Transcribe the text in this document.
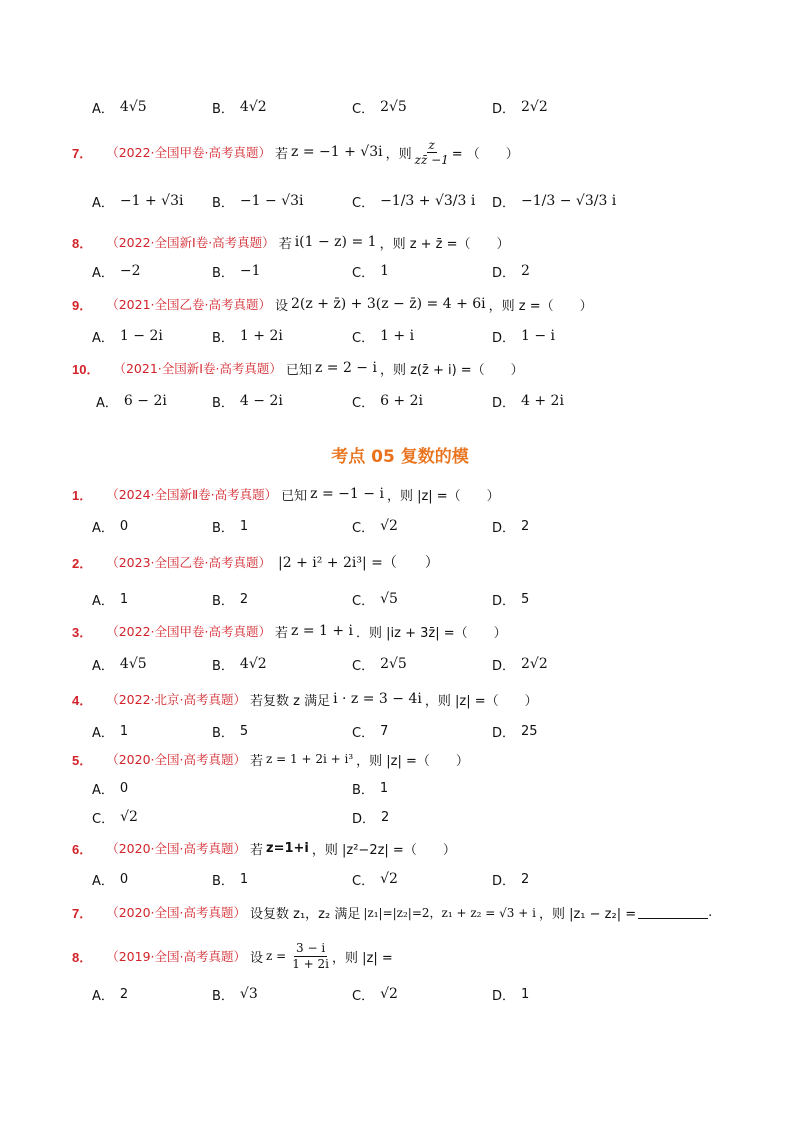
A． 4√5	B． 4√2	C． 2√5	D． 2√2
7． （2022·全国甲卷·高考真题） 若 z = −1 + √3i ，则 $\frac{z}{zz̄ -1}$ = （　　）
A． −1 + √3i B． −1 − √3i	C． −1/3 + √3/3 i D． −1/3 − √3/3 i
8． （2022·全国新Ⅰ卷·高考真题） 若 i(1 − z) = 1 ，则 z + z̄ =（　　）
A． −2	B． −1	C． 1	D． 2
9． （2021·全国乙卷·高考真题） 设 2(z + z̄) + 3(z − z̄) = 4 + 6i ，则 z =（　　）
A． 1 − 2i	B． 1 + 2i	C． 1 + i	D． 1 − i
10． （2021·全国新Ⅰ卷·高考真题） 已知 z = 2 − i ，则 z(z̄ + i) =（　　）
A． 6 − 2i	B． 4 − 2i	C． 6 + 2i	D． 4 + 2i
考点 05 复数的模
1． （2024·全国新Ⅱ卷·高考真题） 已知 z = −1 − i ，则 |z| =（　　）
A． 0	B． 1	C． √2	D． 2
2． （2023·全国乙卷·高考真题） |2 + i² + 2i³| =（　　）
A． 1	B． 2	C． √5	D． 5
3． （2022·全国甲卷·高考真题） 若 z = 1 + i ．则 |iz + 3z̄| =（　　）
A． 4√5	B． 4√2	C． 2√5	D． 2√2
4． （2022·北京·高考真题） 若复数 z 满足 i · z = 3 − 4i ，则 |z| =（　　）
A． 1	B． 5	C． 7	D． 25
5． （2020·全国·高考真题） 若 z = 1 + 2i + i³ ，则 |z| =（　　）
A． 0	B． 1
C． √2	D． 2
6． （2020·全国·高考真题） 若 z=1+i ，则 |z²−2z| =（　　）
A． 0	B． 1	C． √2	D． 2
7． （2020·全国·高考真题） 设复数 z₁，z₂ 满足 |z₁|=|z₂|=2，z₁ + z₂ = √3 + i ，则 |z₁ − z₂| =	.
8． （2019·全国·高考真题） 设 $z = \frac{3 - i}{1 + 2i}$ ，则 |z| =
A． 2	B． √3	C． √2	D． 1
